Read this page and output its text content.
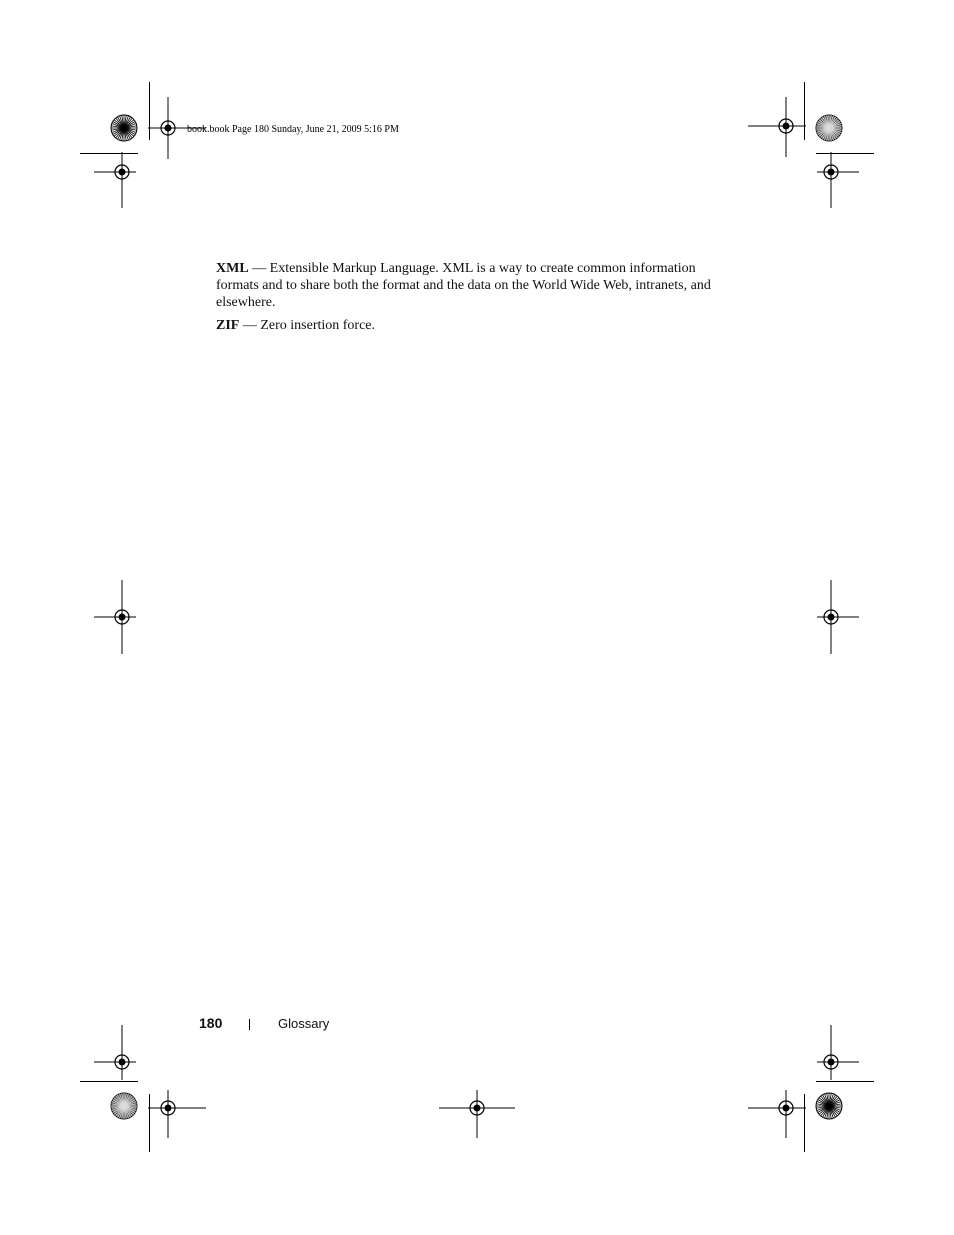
book.book Page 180 Sunday, June 21, 2009 5:16 PM
XML — Extensible Markup Language. XML is a way to create common information formats and to share both the format and the data on the World Wide Web, intranets, and elsewhere.
ZIF — Zero insertion force.
180	Glossary
